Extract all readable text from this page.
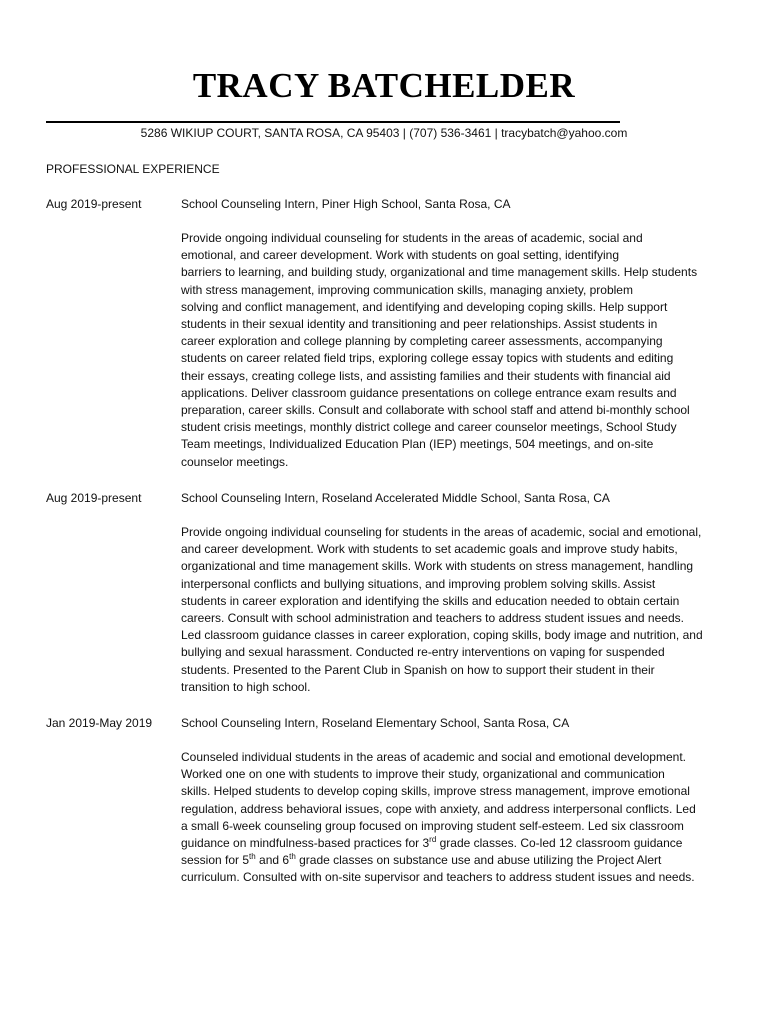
TRACY BATCHELDER
5286 WIKIUP COURT, SANTA ROSA, CA 95403 | (707) 536-3461 | tracybatch@yahoo.com
PROFESSIONAL EXPERIENCE
Aug 2019-present	School Counseling Intern, Piner High School, Santa Rosa, CA

Provide ongoing individual counseling for students in the areas of academic, social and
emotional, and career development. Work with students on goal setting, identifying
barriers to learning, and building study, organizational and time management skills. Help students
with stress management, improving communication skills, managing anxiety, problem
solving and conflict management, and identifying and developing coping skills. Help support
students in their sexual identity and transitioning and peer relationships. Assist students in
career exploration and college planning by completing career assessments, accompanying
students on career related field trips, exploring college essay topics with students and editing
their essays, creating college lists, and assisting families and their students with financial aid
applications. Deliver classroom guidance presentations on college entrance exam results and
preparation, career skills. Consult and collaborate with school staff and attend bi-monthly school
student crisis meetings, monthly district college and career counselor meetings, School Study
Team meetings, Individualized Education Plan (IEP) meetings, 504 meetings, and on-site
counselor meetings.

Aug 2019-present	School Counseling Intern, Roseland Accelerated Middle School, Santa Rosa, CA

Provide ongoing individual counseling for students in the areas of academic, social and emotional,
and career development. Work with students to set academic goals and improve study habits,
organizational and time management skills. Work with students on stress management, handling
interpersonal conflicts and bullying situations, and improving problem solving skills. Assist
students in career exploration and identifying the skills and education needed to obtain certain
careers. Consult with school administration and teachers to address student issues and needs.
Led classroom guidance classes in career exploration, coping skills, body image and nutrition, and
bullying and sexual harassment. Conducted re-entry interventions on vaping for suspended
students. Presented to the Parent Club in Spanish on how to support their student in their
transition to high school.

Jan 2019-May 2019 School Counseling Intern, Roseland Elementary School, Santa Rosa, CA

Counseled individual students in the areas of academic and social and emotional development.
Worked one on one with students to improve their study, organizational and communication
skills. Helped students to develop coping skills, improve stress management, improve emotional
regulation, address behavioral issues, cope with anxiety, and address interpersonal conflicts. Led
a small 6-week counseling group focused on improving student self-esteem. Led six classroom
guidance on mindfulness-based practices for 3rd grade classes. Co-led 12 classroom guidance
session for 5th and 6th grade classes on substance use and abuse utilizing the Project Alert
curriculum. Consulted with on-site supervisor and teachers to address student issues and needs.
